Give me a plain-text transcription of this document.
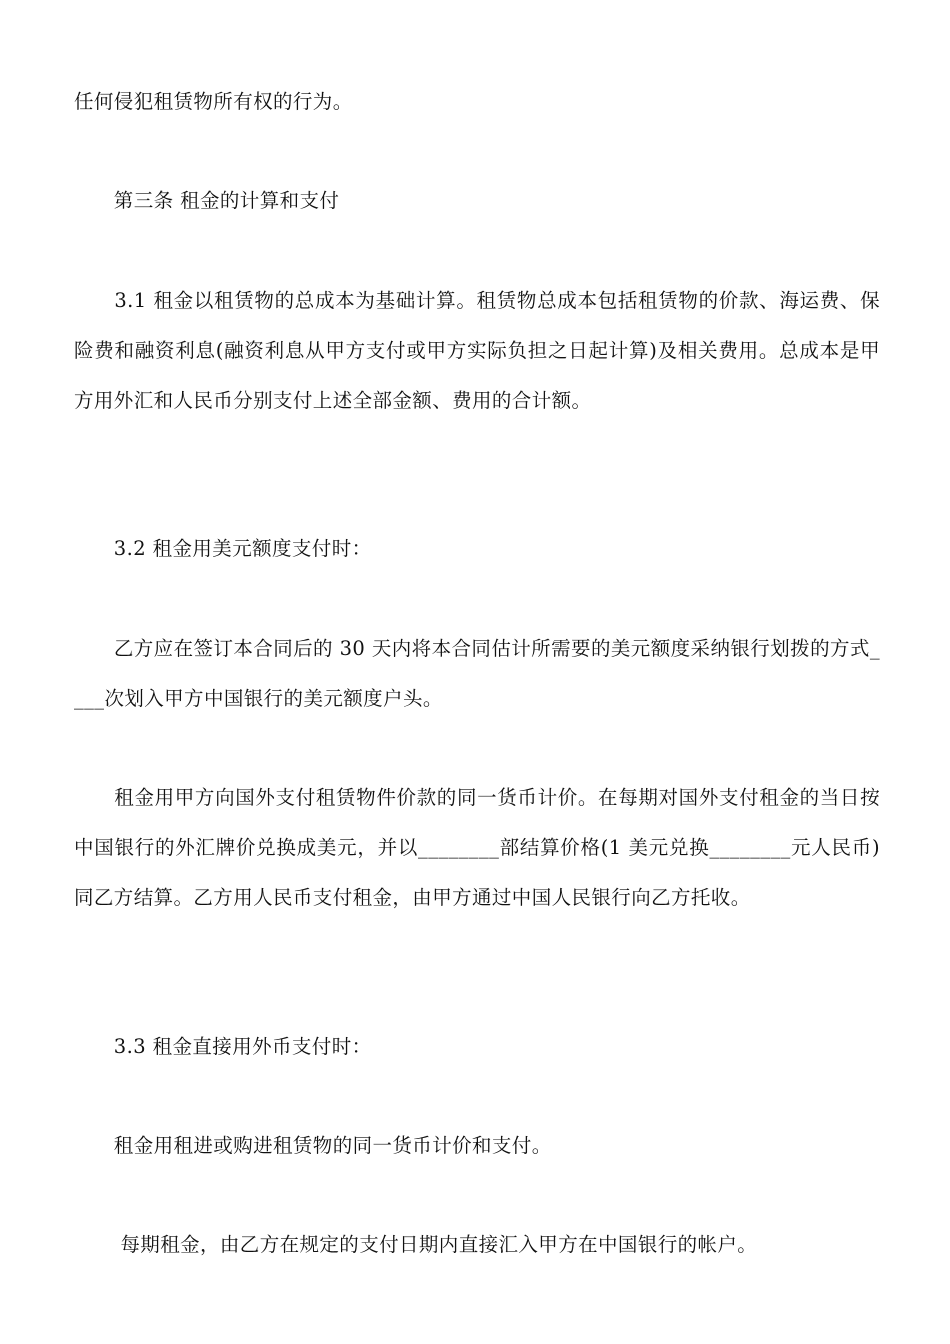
任何侵犯租赁物所有权的行为。

　　第三条 租金的计算和支付

　　3.1 租金以租赁物的总成本为基础计算。租赁物总成本包括租赁物的价款、海运费、保险费和融资利息(融资利息从甲方支付或甲方实际负担之日起计算)及相关费用。总成本是甲方用外汇和人民币分别支付上述全部金额、费用的合计额。

　　3.2 租金用美元额度支付时：

　　乙方应在签订本合同后的 30 天内将本合同估计所需要的美元额度采纳银行划拨的方式____次划入甲方中国银行的美元额度户头。

　　租金用甲方向国外支付租赁物件价款的同一货币计价。在每期对国外支付租金的当日按中国银行的外汇牌价兑换成美元，并以________部结算价格(1 美元兑换________元人民币)同乙方结算。乙方用人民币支付租金，由甲方通过中国人民银行向乙方托收。

　　3.3 租金直接用外币支付时：

　　租金用租进或购进租赁物的同一货币计价和支付。

　　 每期租金，由乙方在规定的支付日期内直接汇入甲方在中国银行的帐户。
